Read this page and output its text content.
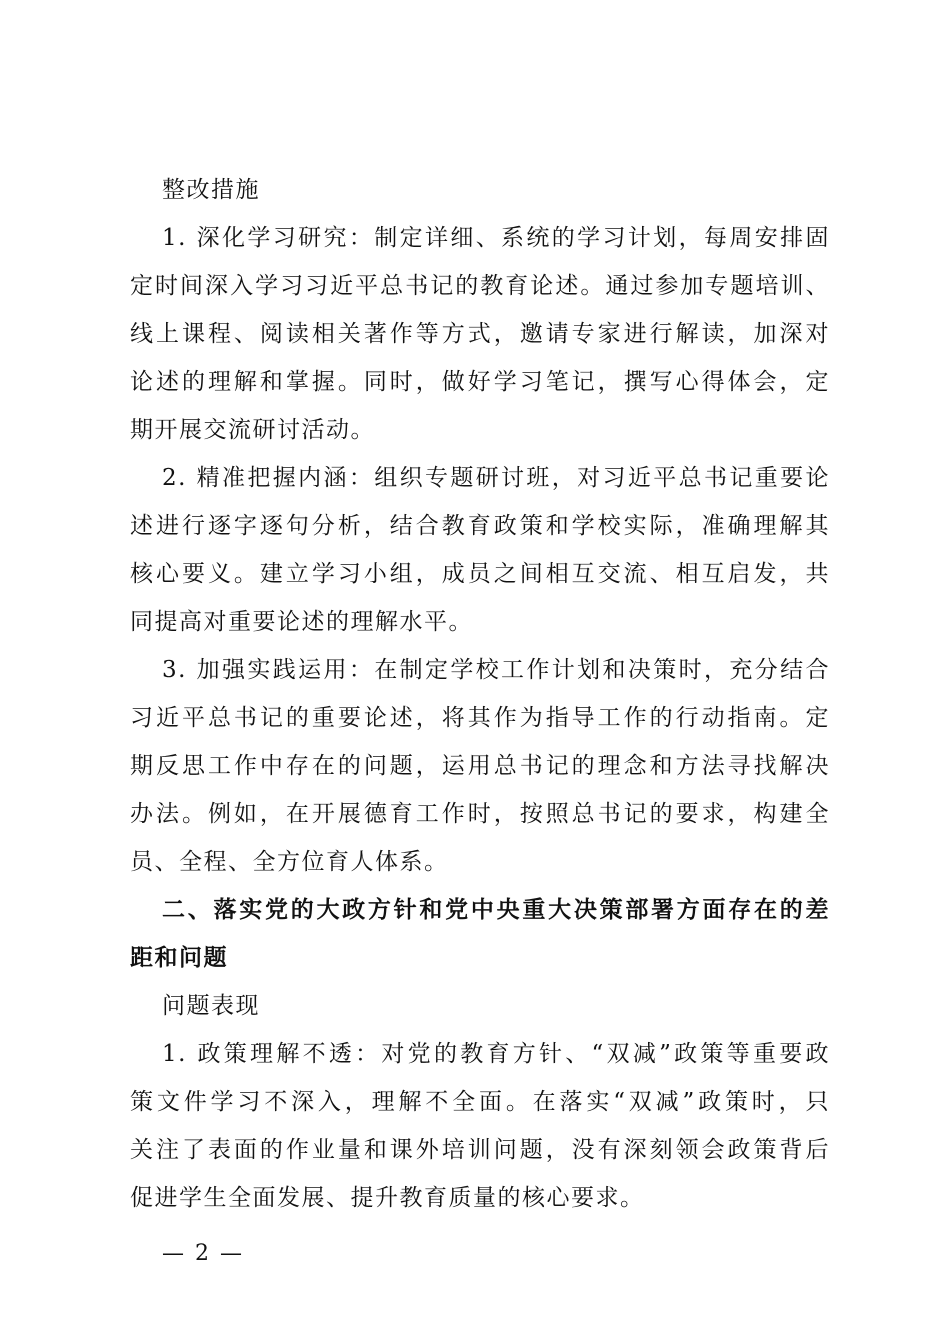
整改措施
1. 深化学习研究：制定详细、系统的学习计划，每周安排固
定时间深入学习习近平总书记的教育论述。通过参加专题培训、
线上课程、阅读相关著作等方式，邀请专家进行解读，加深对
论述的理解和掌握。同时，做好学习笔记，撰写心得体会，定
期开展交流研讨活动。
2. 精准把握内涵：组织专题研讨班，对习近平总书记重要论
述进行逐字逐句分析，结合教育政策和学校实际，准确理解其
核心要义。建立学习小组，成员之间相互交流、相互启发，共
同提高对重要论述的理解水平。
3. 加强实践运用：在制定学校工作计划和决策时，充分结合
习近平总书记的重要论述，将其作为指导工作的行动指南。定
期反思工作中存在的问题，运用总书记的理念和方法寻找解决
办法。例如，在开展德育工作时，按照总书记的要求，构建全
员、全程、全方位育人体系。
二、落实党的大政方针和党中央重大决策部署方面存在的差
距和问题
问题表现
1. 政策理解不透：对党的教育方针、“双减”政策等重要政
策文件学习不深入，理解不全面。在落实“双减”政策时，只
关注了表面的作业量和课外培训问题，没有深刻领会政策背后
促进学生全面发展、提升教育质量的核心要求。
— 2 —
